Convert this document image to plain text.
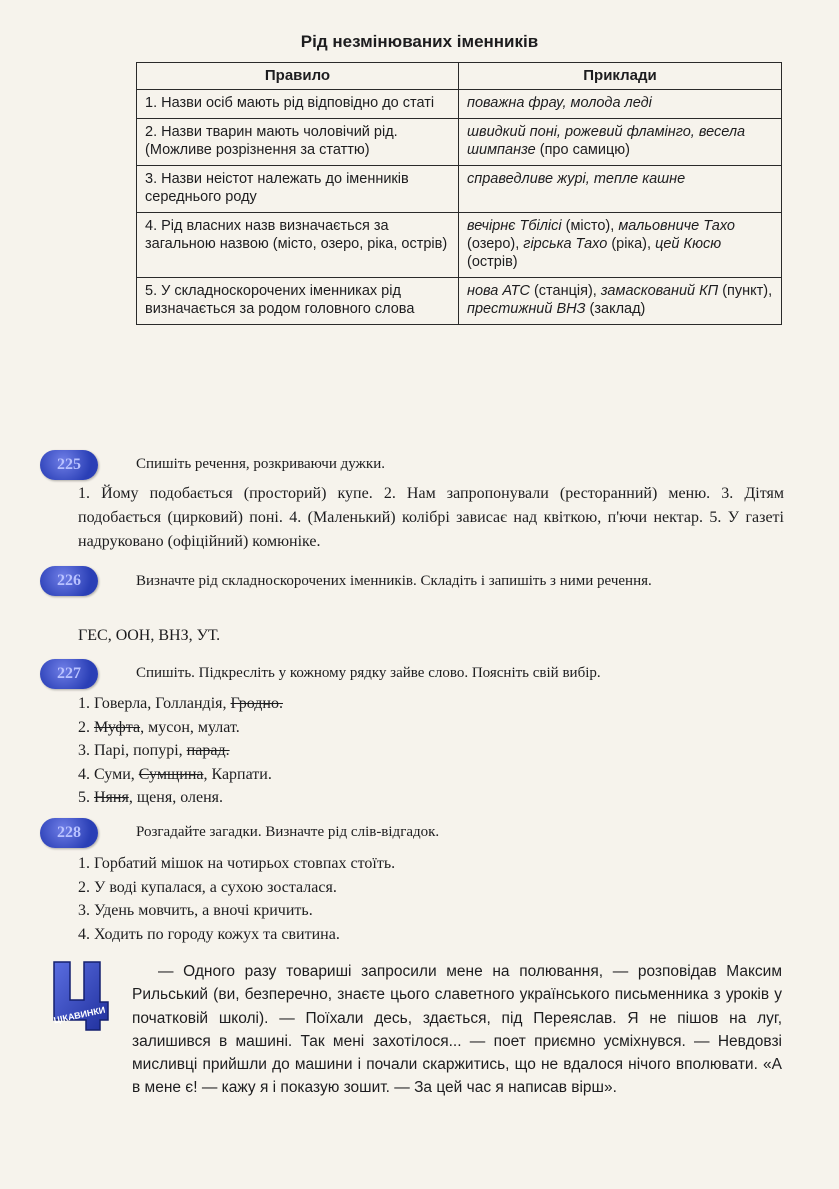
Рід незмінюваних іменників
Правило	Приклади
1. Назви осіб мають рід відповідно до статі	поважна фрау, молода леді
2. Назви тварин мають чоловічий рід. (Можливе розрізнення за статтю)	швидкий поні, рожевий фламінго, весела шимпанзе (про самицю)
3. Назви неістот належать до іменників середнього роду	справедливе журі, тепле кашне
4. Рід власних назв визначається за загальною назвою (місто, озеро, ріка, острів)	вечірнє Тбілісі (місто), мальовниче Тахо (озеро), гірська Тахо (ріка), цей Кюсю (острів)
5. У складноскорочених іменниках рід визначається за родом головного слова	нова АТС (станція), замаскований КП (пункт), престижний ВНЗ (заклад)
225	Спишіть речення, розкриваючи дужки.
1. Йому подобається (просторий) купе. 2. Нам запропонували (ресторанний) меню. 3. Дітям подобається (цирковий) поні. 4. (Маленький) колібрі зависає над квіткою, п'ючи нектар. 5. У газеті надруковано (офіційний) комюніке.
226	Визначте рід складноскорочених іменників. Складіть і запишіть з ними речення.
ГЕС, ООН, ВНЗ, УТ.
227	Спишіть. Підкресліть у кожному рядку зайве слово. Поясніть свій вибір.
1. Говерла, Голландія, Гродно.
2. Муфта, мусон, мулат.
3. Парі, попурі, парад.
4. Суми, Сумщина, Карпати.
5. Няня, щеня, оленя.
228	Розгадайте загадки. Визначте рід слів-відгадок.
1. Горбатий мішок на чотирьох стовпах стоїть.
2. У воді купалася, а сухою зосталася.
3. Удень мовчить, а вночі кричить.
4. Ходить по городу кожух та свитина.
ЦІКАВИНКИ

— Одного разу товариші запросили мене на полювання, — розповідав Максим Рильський (ви, безперечно, знаєте цього славетного українського письменника з уроків у початковій школі). — Поїхали десь, здається, під Переяслав. Я не пішов на луг, залишився в машині. Так мені захотілося... — поет приємно усміхнувся. — Невдовзі мисливці прийшли до машини і почали скаржитись, що не вдалося нічого вполювати. «А в мене є! — кажу я і показую зошит. — За цей час я написав вірш».
